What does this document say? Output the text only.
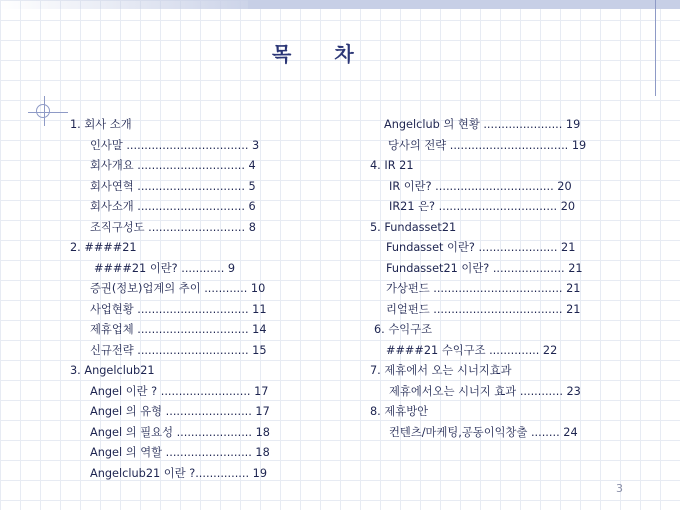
목 차
1. 회사 소개
인사말 .................................. 3
회사개요 .............................. 4
회사연혁 .............................. 5
회사소개 .............................. 6
조직구성도 ........................... 8
2. ####21
####21 이란? ............ 9
증권(정보)업계의 추이 ............ 10
사업현황 ............................... 11
제휴업체 ............................... 14
신규전략 ............................... 15
3. Angelclub21
Angel 이란 ? ......................... 17
Angel 의 유형 ........................ 17
Angel 의 필요성 ..................... 18
Angel 의 역할 ........................ 18
Angelclub21 이란 ?............... 19
Angelclub 의 현황 ...................... 19
당사의 전략 ................................. 19
4. IR 21
IR 이란? ................................. 20
IR21 은? ................................. 20
5. Fundasset21
Fundasset 이란? ...................... 21
Fundasset21 이란? .................... 21
가상펀드 .................................... 21
리얼펀드 .................................... 21
6. 수익구조
####21 수익구조 .............. 22
7. 제휴에서 오는 시너지효과
제휴에서오는 시너지 효과 ............ 23
8. 제휴방안
컨텐츠/마케팅,공동이익창출 ........ 24
3
